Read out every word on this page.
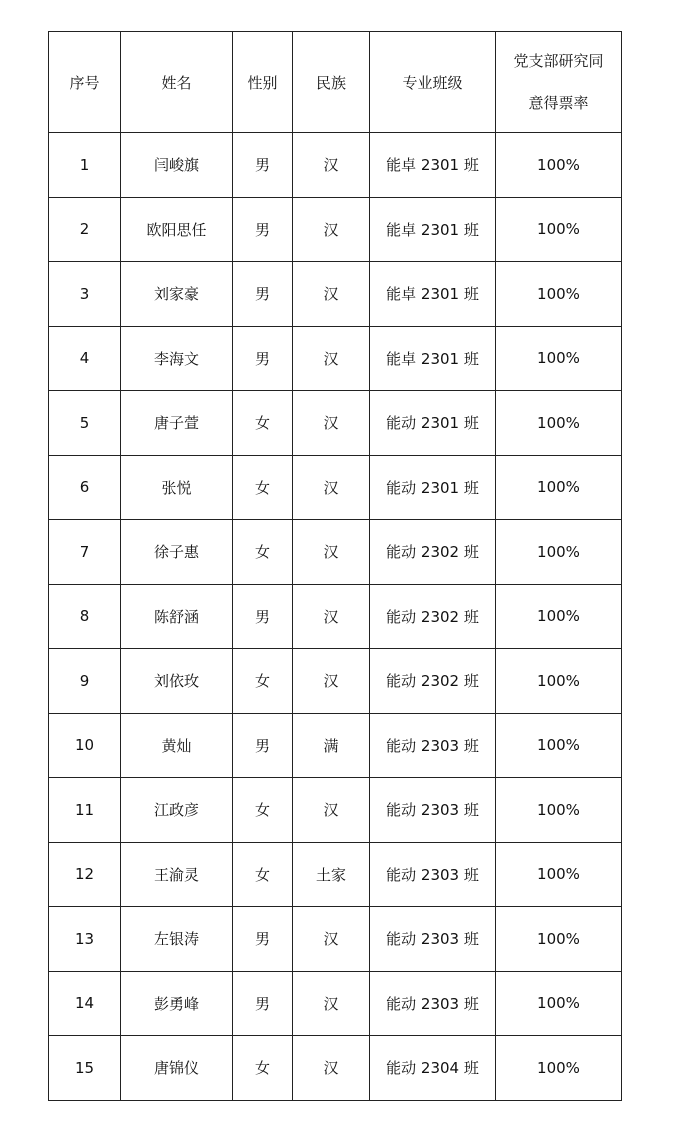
序号	姓名	性别	民族	专业班级	党支部研究同
意得票率

1	闫峻旗	男	汉	能卓 2301 班	100%
2	欧阳思任	男	汉	能卓 2301 班	100%
3	刘家豪	男	汉	能卓 2301 班	100%
4	李海文	男	汉	能卓 2301 班	100%
5	唐子萱	女	汉	能动 2301 班	100%
6	张悦	女	汉	能动 2301 班	100%
7	徐子惠	女	汉	能动 2302 班	100%
8	陈舒涵	男	汉	能动 2302 班	100%
9	刘依玫	女	汉	能动 2302 班	100%
10	黄灿	男	满	能动 2303 班	100%
11	江政彦	女	汉	能动 2303 班	100%
12	王渝灵	女	土家	能动 2303 班	100%
13	左银涛	男	汉	能动 2303 班	100%
14	彭勇峰	男	汉	能动 2303 班	100%
15	唐锦仪	女	汉	能动 2304 班	100%
